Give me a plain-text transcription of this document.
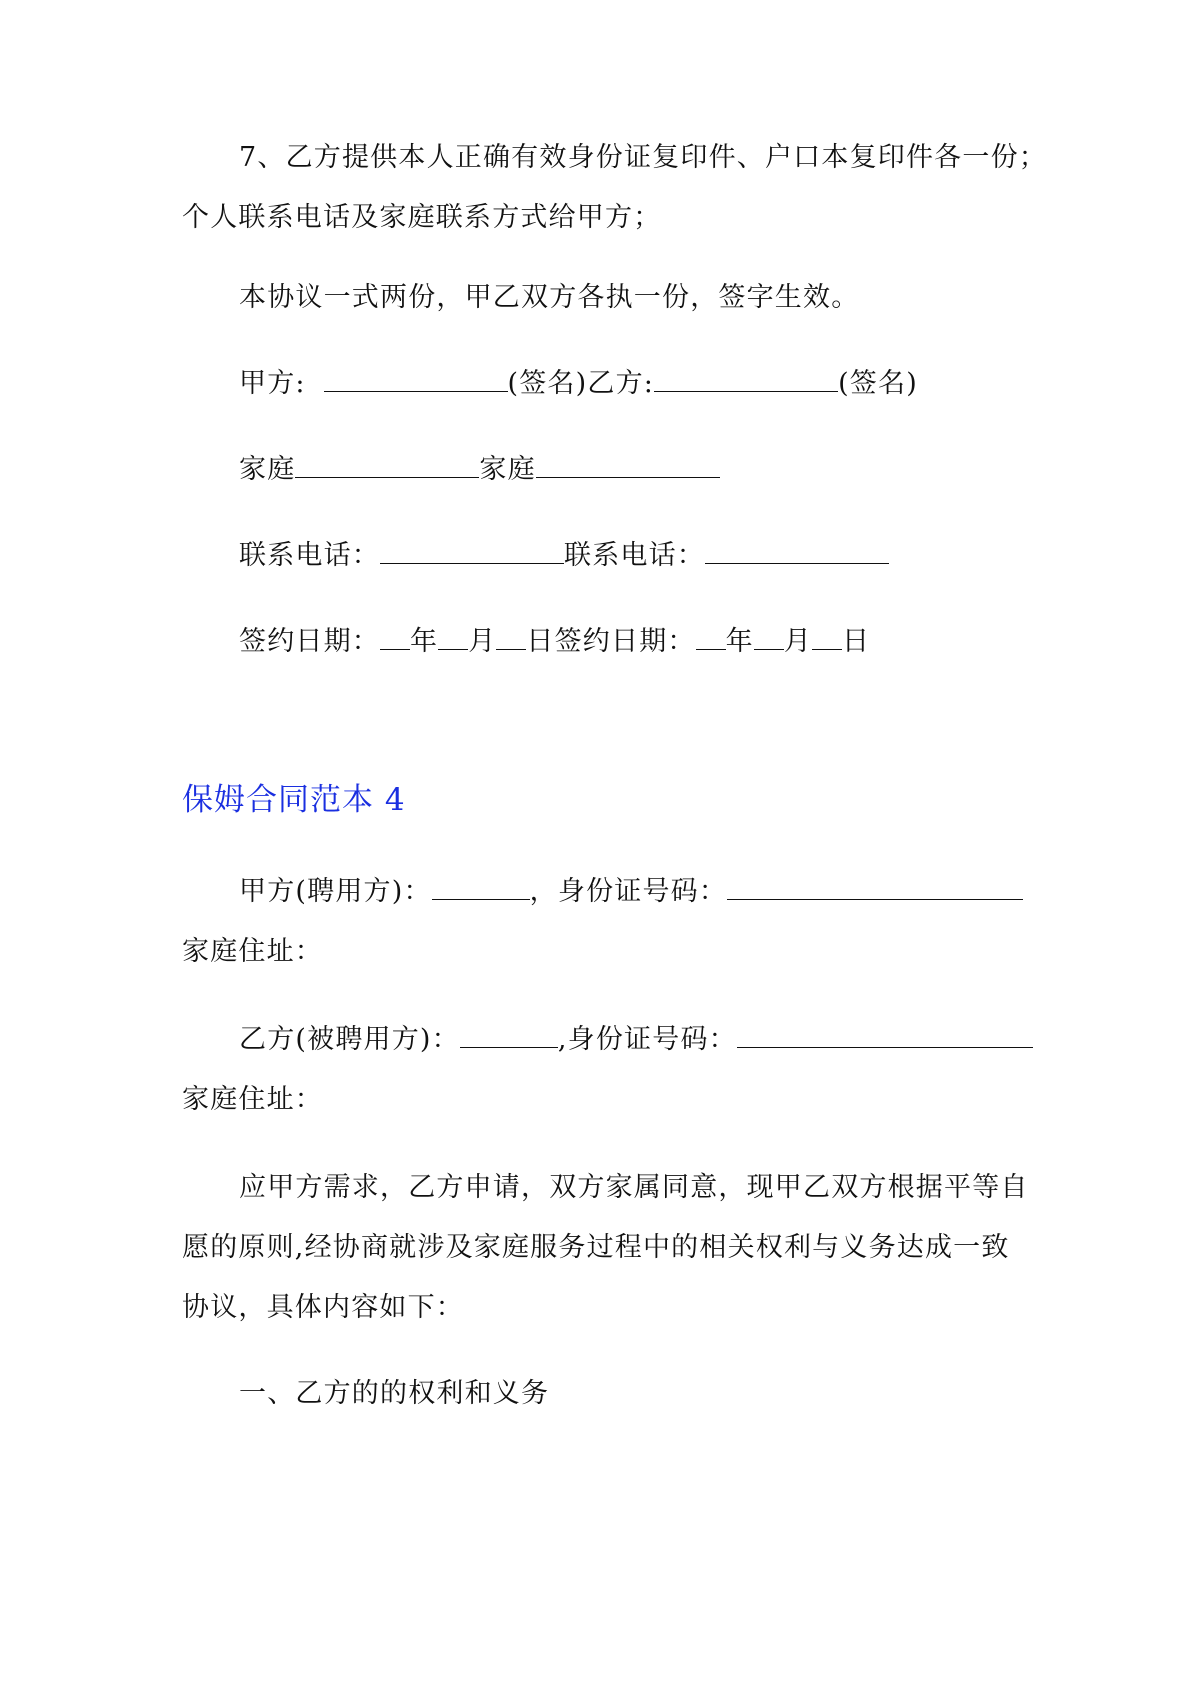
7、乙方提供本人正确有效身份证复印件、户口本复印件各一份；
个人联系电话及家庭联系方式给甲方；
本协议一式两份，甲乙双方各执一份，签字生效。
甲方:	(签名)乙方:	(签名)
家庭	家庭
联系电话：	联系电话：
签约日期： 年 月 日签约日期： 年 月 日
保姆合同范本 4
甲方(聘用方)：	，身份证号码：
家庭住址：
乙方(被聘用方)：	,身份证号码：
家庭住址：
应甲方需求，乙方申请，双方家属同意，现甲乙双方根据平等自
愿的原则,经协商就涉及家庭服务过程中的相关权利与义务达成一致
协议，具体内容如下：
一、乙方的的权利和义务
